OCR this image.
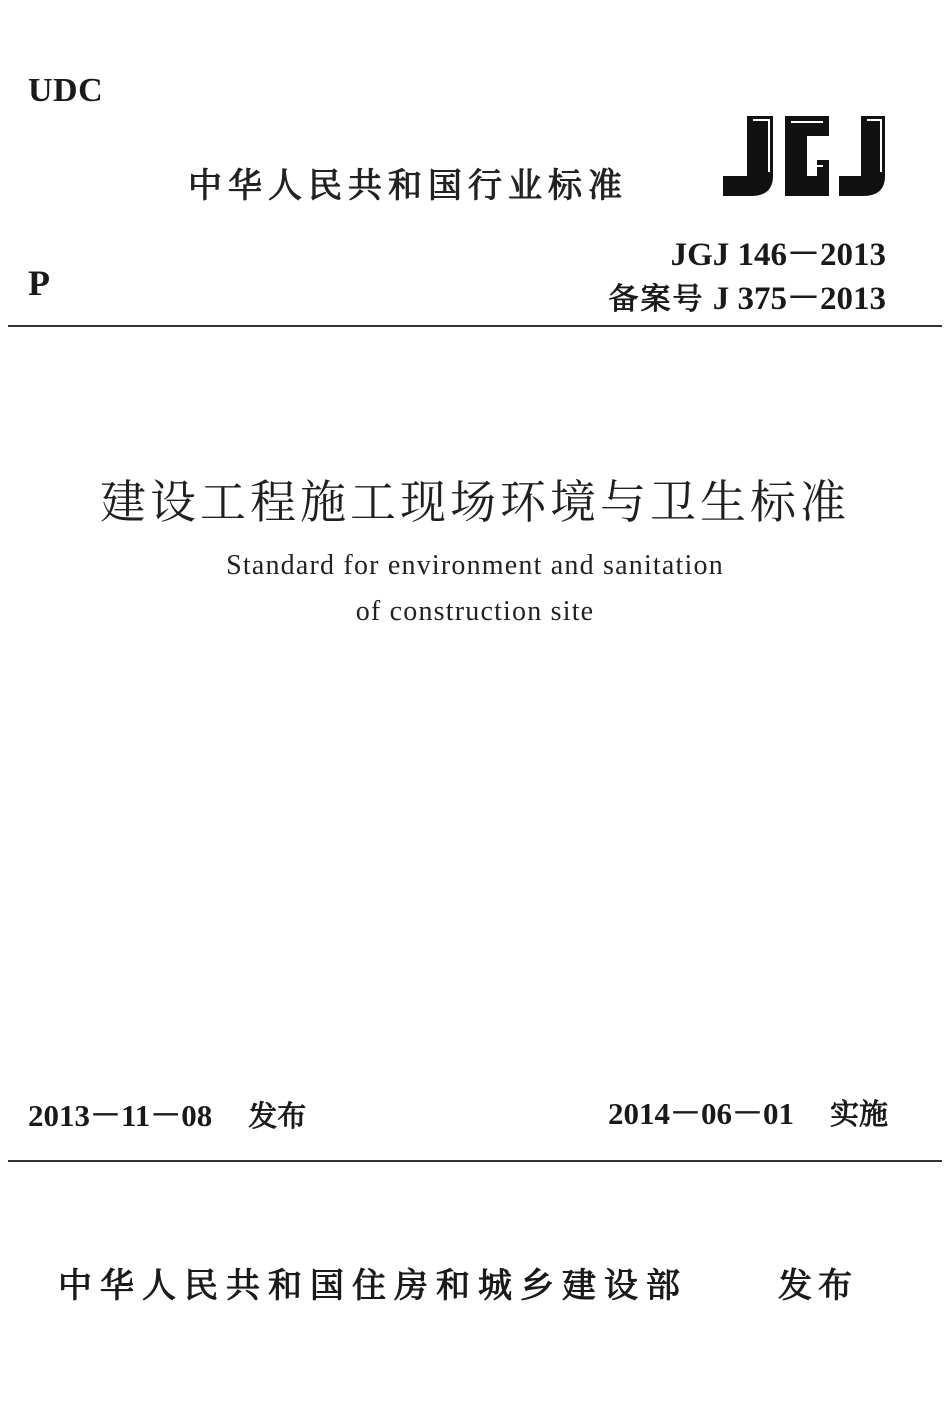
UDC
中华人民共和国行业标准
P
JGJ 146－2013
备案号 J 375－2013
建设工程施工现场环境与卫生标准
Standard for environment and sanitation
of construction site
2013－11－08 发布	2014－06－01 实施
中华人民共和国住房和城乡建设部	发布
